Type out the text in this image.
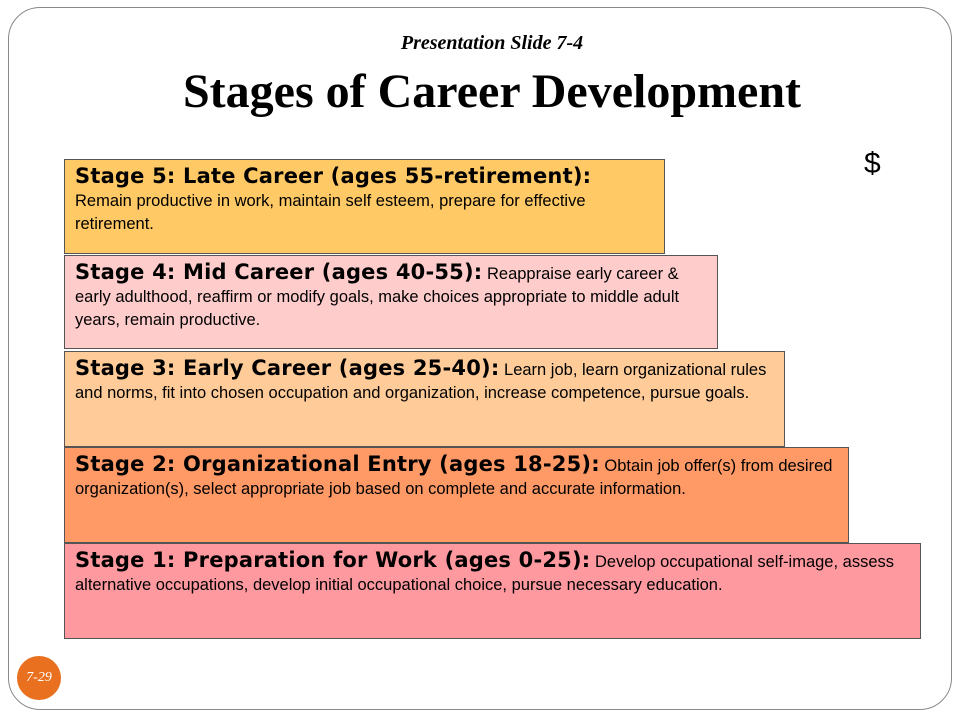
Presentation Slide 7-4
Stages of Career Development
$
Stage 5: Late Career (ages 55-retirement):
Remain productive in work, maintain self esteem, prepare for effective retirement.
Stage 4: Mid Career (ages 40-55): Reappraise early career & early adulthood, reaffirm or modify goals, make choices appropriate to middle adult years, remain productive.
Stage 3: Early Career (ages 25-40): Learn job, learn organizational rules and norms, fit into chosen occupation and organization, increase competence, pursue goals.
Stage 2: Organizational Entry (ages 18-25): Obtain job offer(s) from desired organization(s), select appropriate job based on complete and accurate information.
Stage 1: Preparation for Work (ages 0-25): Develop occupational self-image, assess alternative occupations, develop initial occupational choice, pursue necessary education.
7-29
